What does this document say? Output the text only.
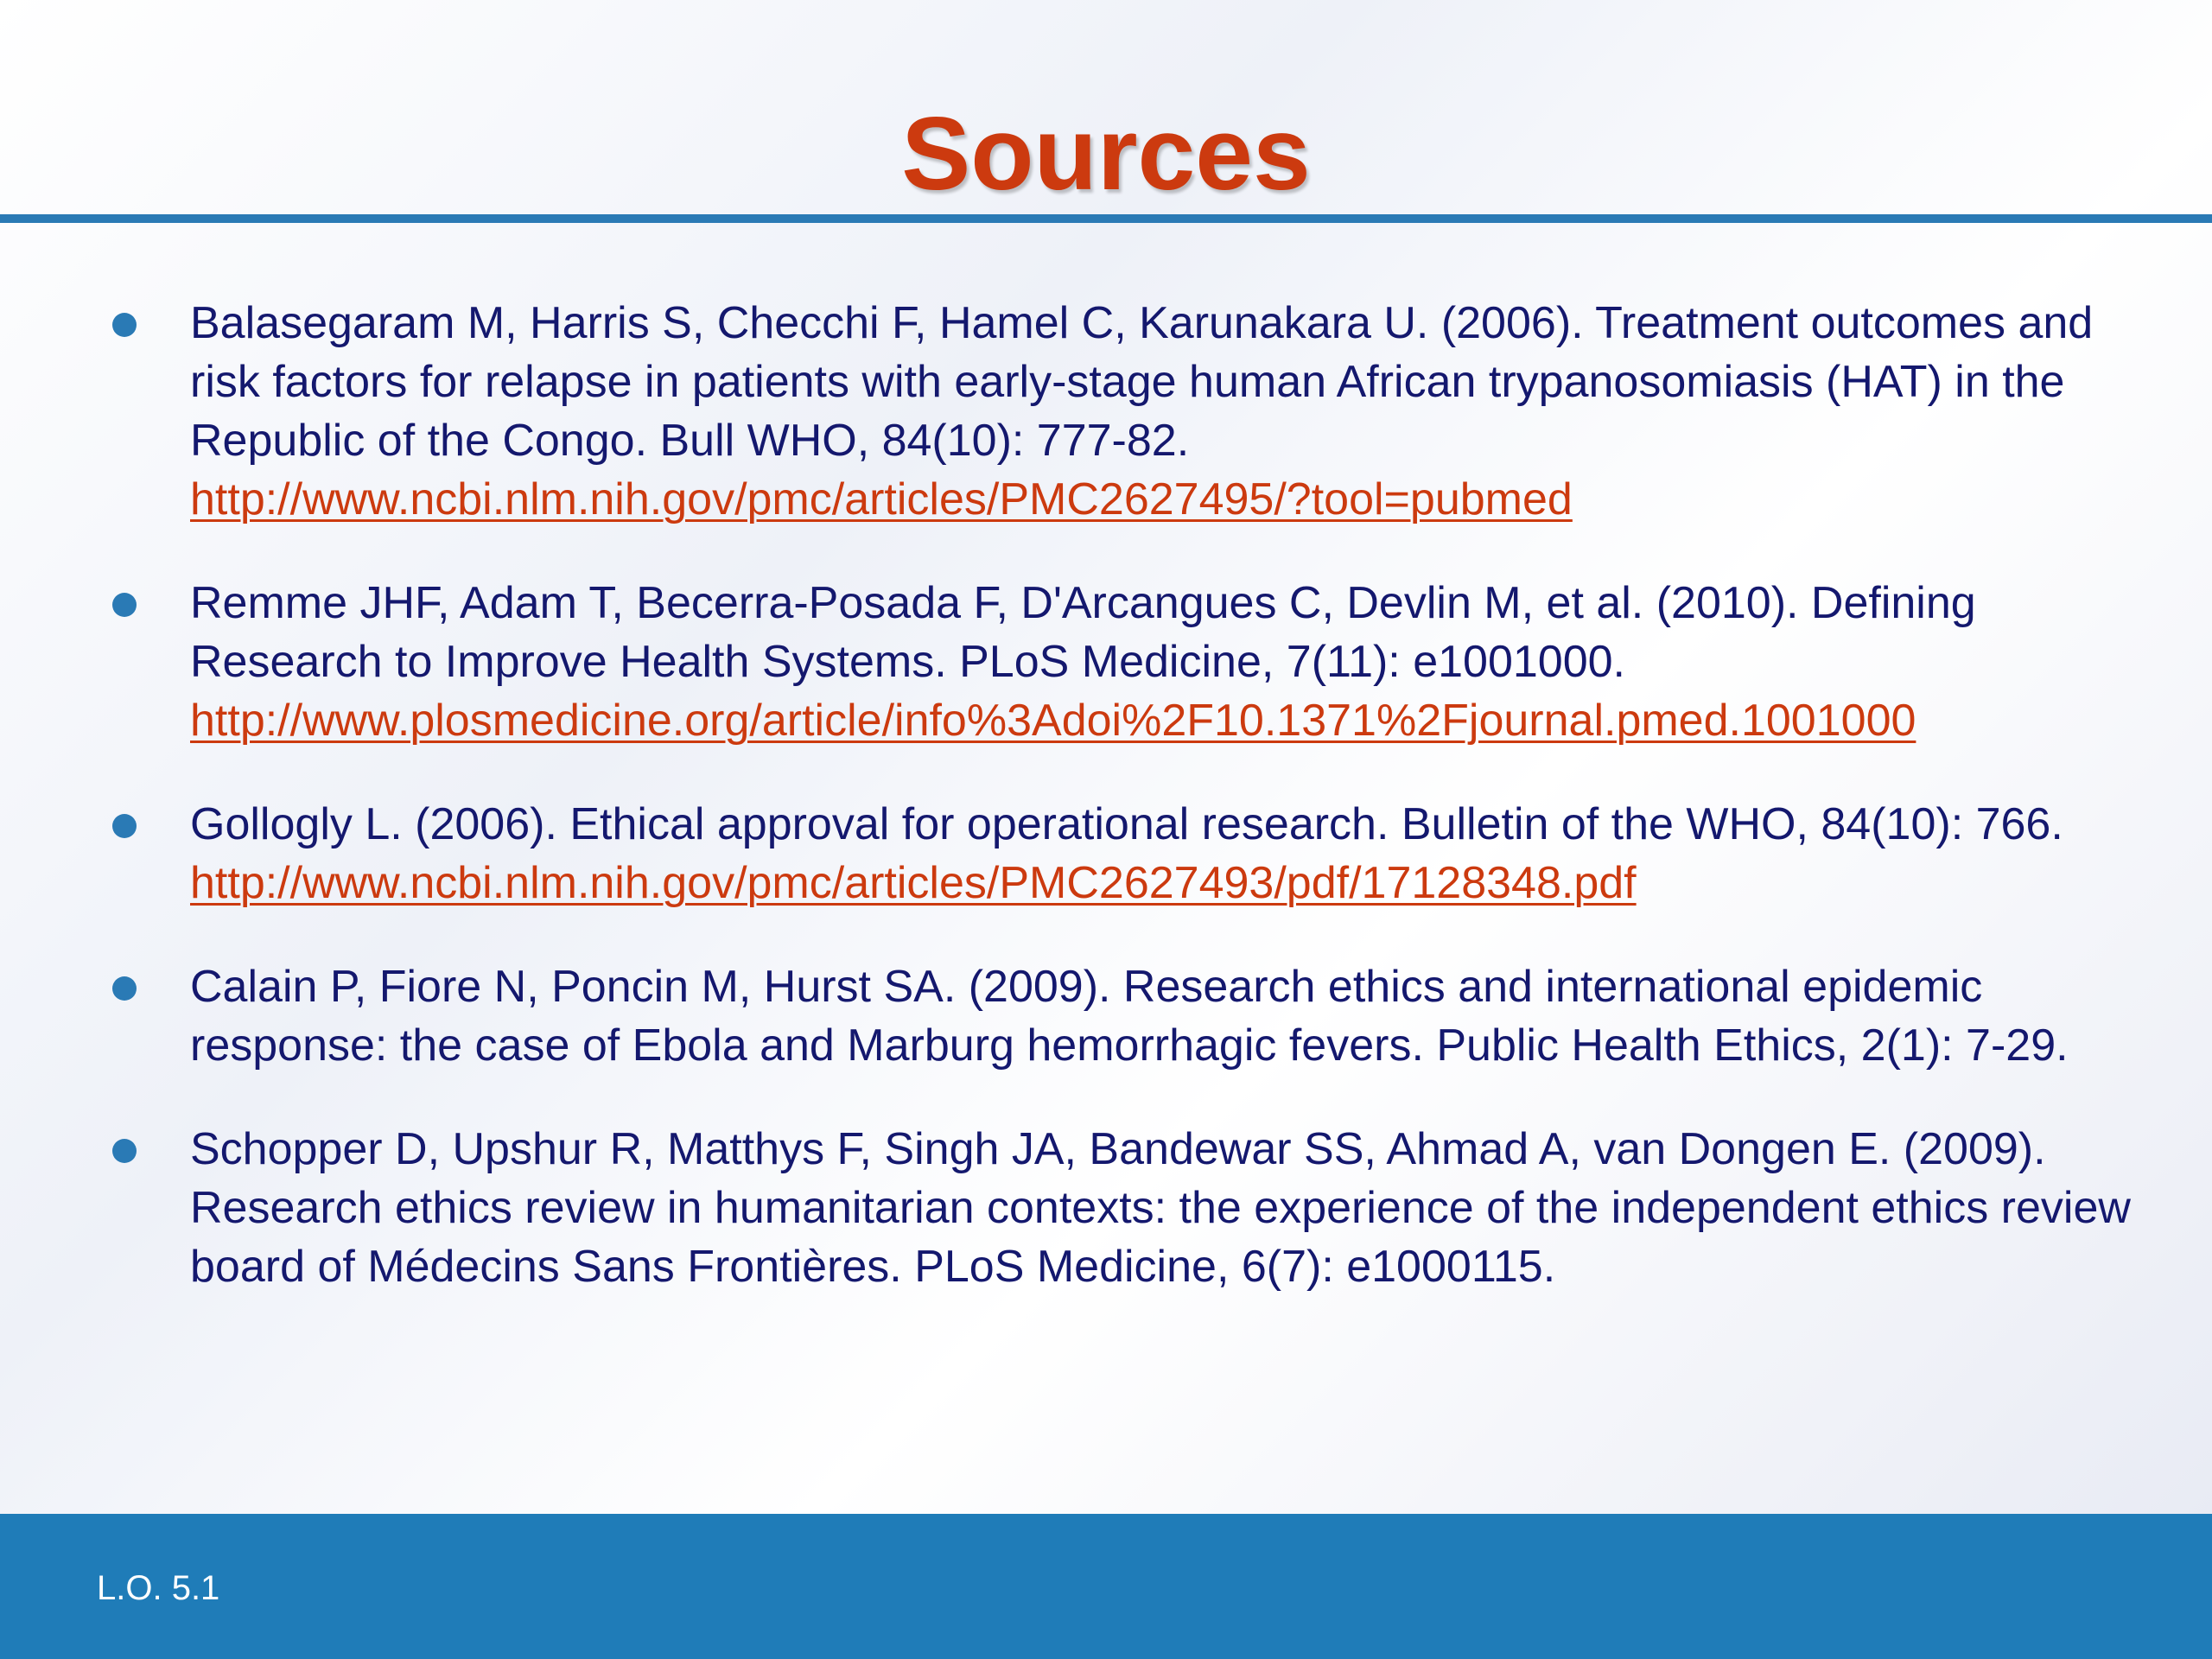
Sources
Balasegaram M, Harris S, Checchi F, Hamel C, Karunakara U. (2006). Treatment outcomes and risk factors for relapse in patients with early-stage human African trypanosomiasis (HAT) in the Republic of the Congo. Bull WHO, 84(10): 777-82. http://www.ncbi.nlm.nih.gov/pmc/articles/PMC2627495/?tool=pubmed
Remme JHF, Adam T, Becerra-Posada F, D'Arcangues C, Devlin M, et al. (2010). Defining Research to Improve Health Systems. PLoS Medicine, 7(11): e1001000. http://www.plosmedicine.org/article/info%3Adoi%2F10.1371%2Fjournal.pmed.1001000
Gollogly L. (2006). Ethical approval for operational research. Bulletin of the WHO, 84(10): 766. http://www.ncbi.nlm.nih.gov/pmc/articles/PMC2627493/pdf/17128348.pdf
Calain P, Fiore N, Poncin M, Hurst SA. (2009). Research ethics and international epidemic response: the case of Ebola and Marburg hemorrhagic fevers. Public Health Ethics, 2(1): 7-29.
Schopper D, Upshur R, Matthys F, Singh JA, Bandewar SS, Ahmad A, van Dongen E. (2009). Research ethics review in humanitarian contexts: the experience of the independent ethics review board of Médecins Sans Frontières. PLoS Medicine, 6(7): e1000115.
L.O. 5.1
